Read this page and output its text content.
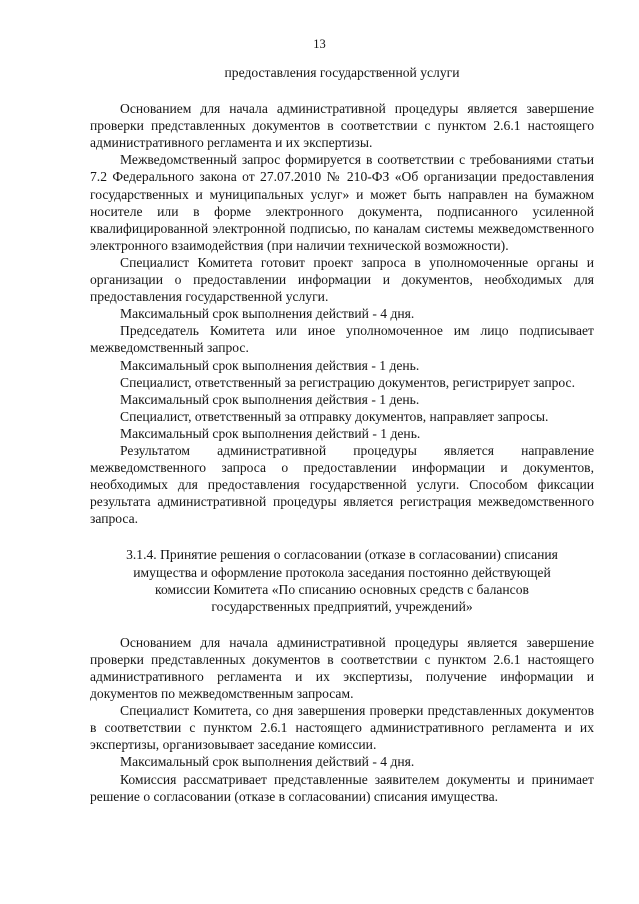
13

предоставления государственной услуги

Основанием для начала административной процедуры является завершение проверки представленных документов в соответствии с пунктом 2.6.1 настоящего административного регламента и их экспертизы.

Межведомственный запрос формируется в соответствии с требованиями статьи 7.2 Федерального закона от 27.07.2010 № 210-ФЗ «Об организации предоставления государственных и муниципальных услуг» и может быть направлен на бумажном носителе или в форме электронного документа, подписанного усиленной квалифицированной электронной подписью, по каналам системы межведомственного электронного взаимодействия (при наличии технической возможности).

Специалист Комитета готовит проект запроса в уполномоченные органы и организации о предоставлении информации и документов, необходимых для предоставления государственной услуги.

Максимальный срок выполнения действий - 4 дня.

Председатель Комитета или иное уполномоченное им лицо подписывает межведомственный запрос.

Максимальный срок выполнения действия - 1 день.

Специалист, ответственный за регистрацию документов, регистрирует запрос.

Максимальный срок выполнения действия - 1 день.

Специалист, ответственный за отправку документов, направляет запросы.

Максимальный срок выполнения действий - 1 день.

Результатом административной процедуры является направление межведомственного запроса о предоставлении информации и документов, необходимых для предоставления государственной услуги. Способом фиксации результата административной процедуры является регистрация межведомственного запроса.

3.1.4. Принятие решения о согласовании (отказе в согласовании) списания
имущества и оформление протокола заседания постоянно действующей
комиссии Комитета «По списанию основных средств с балансов
государственных предприятий, учреждений»

Основанием для начала административной процедуры является завершение проверки представленных документов в соответствии с пунктом 2.6.1 настоящего административного регламента и их экспертизы, получение информации и документов по межведомственным запросам.

Специалист Комитета, со дня завершения проверки представленных документов в соответствии с пунктом 2.6.1 настоящего административного регламента и их экспертизы, организовывает заседание комиссии.

Максимальный срок выполнения действий - 4 дня.

Комиссия рассматривает представленные заявителем документы и принимает решение о согласовании (отказе в согласовании) списания имущества.
